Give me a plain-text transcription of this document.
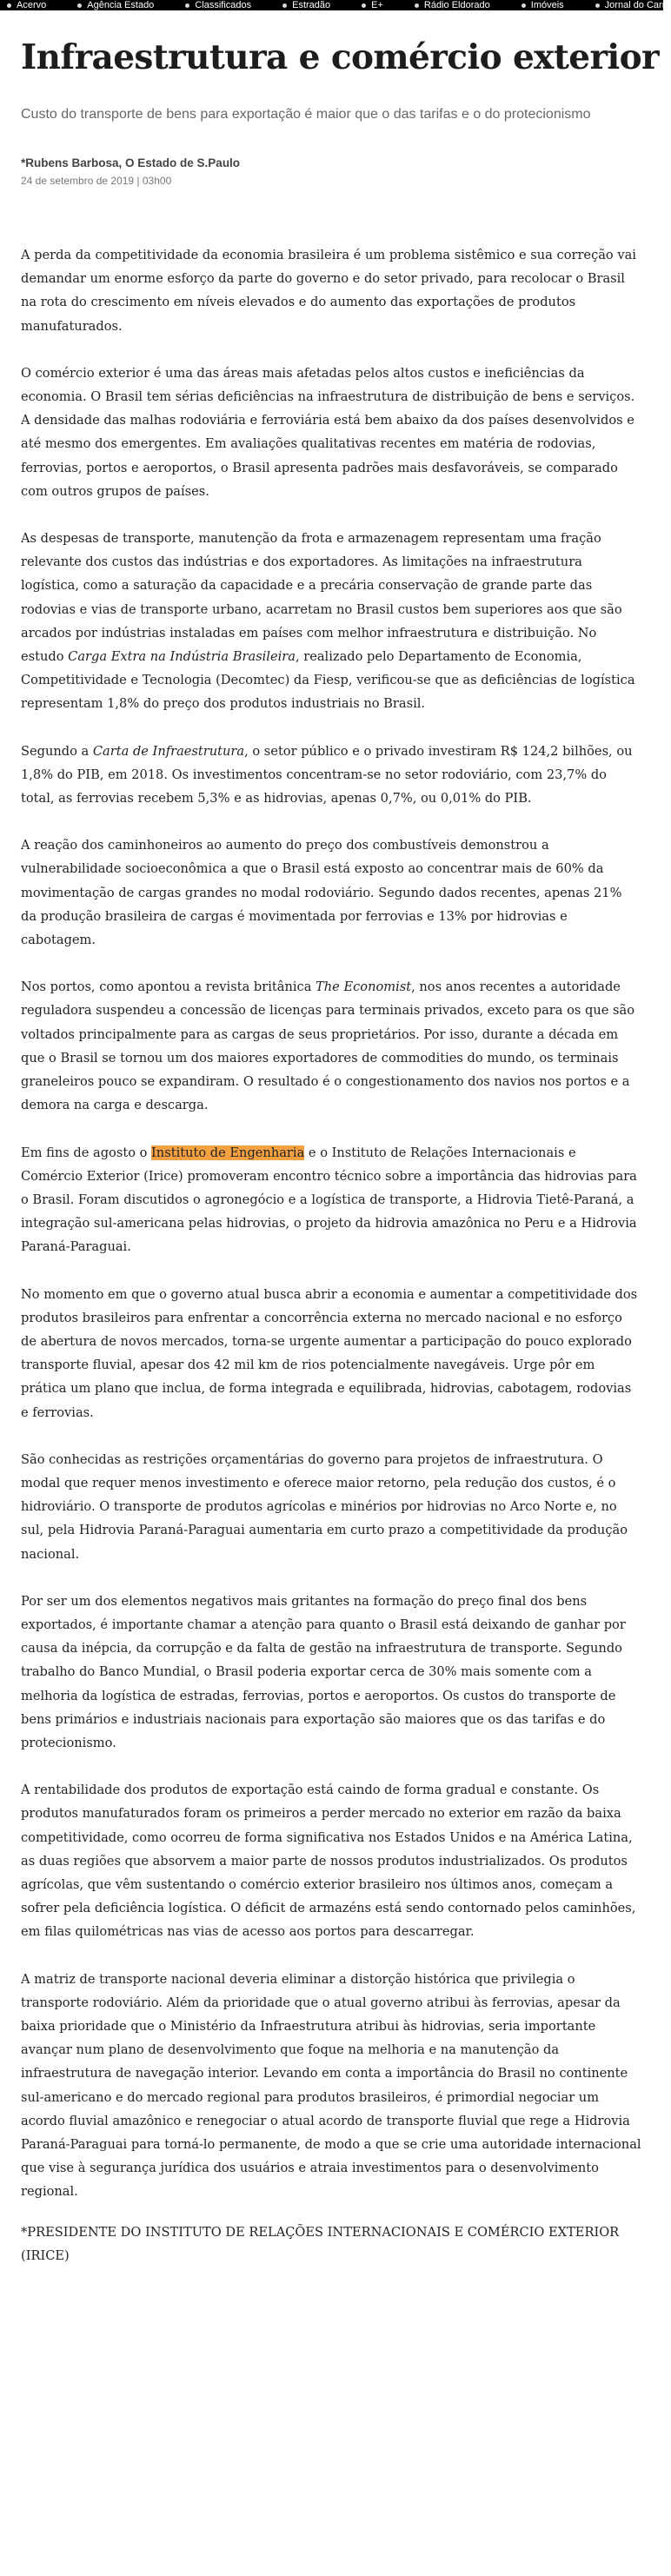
Acervo	Agência Estado	Classificados	Estradão	E+	Rádio Eldorado	Imóveis	Jornal do Carro
Infraestrutura e comércio exterior
Custo do transporte de bens para exportação é maior que o das tarifas e o do protecionismo
*Rubens Barbosa, O Estado de S.Paulo
24 de setembro de 2019 | 03h00

A perda da competitividade da economia brasileira é um problema sistêmico e sua correção vai demandar um enorme esforço da parte do governo e do setor privado, para recolocar o Brasil na rota do crescimento em níveis elevados e do aumento das exportações de produtos manufaturados.

O comércio exterior é uma das áreas mais afetadas pelos altos custos e ineficiências da economia. O Brasil tem sérias deficiências na infraestrutura de distribuição de bens e serviços. A densidade das malhas rodoviária e ferroviária está bem abaixo da dos países desenvolvidos e até mesmo dos emergentes. Em avaliações qualitativas recentes em matéria de rodovias, ferrovias, portos e aeroportos, o Brasil apresenta padrões mais desfavoráveis, se comparado com outros grupos de países.

As despesas de transporte, manutenção da frota e armazenagem representam uma fração relevante dos custos das indústrias e dos exportadores. As limitações na infraestrutura logística, como a saturação da capacidade e a precária conservação de grande parte das rodovias e vias de transporte urbano, acarretam no Brasil custos bem superiores aos que são arcados por indústrias instaladas em países com melhor infraestrutura e distribuição. No estudo Carga Extra na Indústria Brasileira, realizado pelo Departamento de Economia, Competitividade e Tecnologia (Decomtec) da Fiesp, verificou-se que as deficiências de logística representam 1,8% do preço dos produtos industriais no Brasil.

Segundo a Carta de Infraestrutura, o setor público e o privado investiram R$ 124,2 bilhões, ou 1,8% do PIB, em 2018. Os investimentos concentram-se no setor rodoviário, com 23,7% do total, as ferrovias recebem 5,3% e as hidrovias, apenas 0,7%, ou 0,01% do PIB.

A reação dos caminhoneiros ao aumento do preço dos combustíveis demonstrou a vulnerabilidade socioeconômica a que o Brasil está exposto ao concentrar mais de 60% da movimentação de cargas grandes no modal rodoviário. Segundo dados recentes, apenas 21% da produção brasileira de cargas é movimentada por ferrovias e 13% por hidrovias e cabotagem.

Nos portos, como apontou a revista britânica The Economist, nos anos recentes a autoridade reguladora suspendeu a concessão de licenças para terminais privados, exceto para os que são voltados principalmente para as cargas de seus proprietários. Por isso, durante a década em que o Brasil se tornou um dos maiores exportadores de commodities do mundo, os terminais graneleiros pouco se expandiram. O resultado é o congestionamento dos navios nos portos e a demora na carga e descarga.

Em fins de agosto o Instituto de Engenharia e o Instituto de Relações Internacionais e Comércio Exterior (Irice) promoveram encontro técnico sobre a importância das hidrovias para o Brasil. Foram discutidos o agronegócio e a logística de transporte, a Hidrovia Tietê-Paraná, a integração sul-americana pelas hidrovias, o projeto da hidrovia amazônica no Peru e a Hidrovia Paraná-Paraguai.

No momento em que o governo atual busca abrir a economia e aumentar a competitividade dos produtos brasileiros para enfrentar a concorrência externa no mercado nacional e no esforço de abertura de novos mercados, torna-se urgente aumentar a participação do pouco explorado transporte fluvial, apesar dos 42 mil km de rios potencialmente navegáveis. Urge pôr em prática um plano que inclua, de forma integrada e equilibrada, hidrovias, cabotagem, rodovias e ferrovias.

São conhecidas as restrições orçamentárias do governo para projetos de infraestrutura. O modal que requer menos investimento e oferece maior retorno, pela redução dos custos, é o hidroviário. O transporte de produtos agrícolas e minérios por hidrovias no Arco Norte e, no sul, pela Hidrovia Paraná-Paraguai aumentaria em curto prazo a competitividade da produção nacional.

Por ser um dos elementos negativos mais gritantes na formação do preço final dos bens exportados, é importante chamar a atenção para quanto o Brasil está deixando de ganhar por causa da inépcia, da corrupção e da falta de gestão na infraestrutura de transporte. Segundo trabalho do Banco Mundial, o Brasil poderia exportar cerca de 30% mais somente com a melhoria da logística de estradas, ferrovias, portos e aeroportos. Os custos do transporte de bens primários e industriais nacionais para exportação são maiores que os das tarifas e do protecionismo.

A rentabilidade dos produtos de exportação está caindo de forma gradual e constante. Os produtos manufaturados foram os primeiros a perder mercado no exterior em razão da baixa competitividade, como ocorreu de forma significativa nos Estados Unidos e na América Latina, as duas regiões que absorvem a maior parte de nossos produtos industrializados. Os produtos agrícolas, que vêm sustentando o comércio exterior brasileiro nos últimos anos, começam a sofrer pela deficiência logística. O déficit de armazéns está sendo contornado pelos caminhões, em filas quilométricas nas vias de acesso aos portos para descarregar.

A matriz de transporte nacional deveria eliminar a distorção histórica que privilegia o transporte rodoviário. Além da prioridade que o atual governo atribui às ferrovias, apesar da baixa prioridade que o Ministério da Infraestrutura atribui às hidrovias, seria importante avançar num plano de desenvolvimento que foque na melhoria e na manutenção da infraestrutura de navegação interior. Levando em conta a importância do Brasil no continente sul-americano e do mercado regional para produtos brasileiros, é primordial negociar um acordo fluvial amazônico e renegociar o atual acordo de transporte fluvial que rege a Hidrovia Paraná-Paraguai para torná-lo permanente, de modo a que se crie uma autoridade internacional que vise à segurança jurídica dos usuários e atraia investimentos para o desenvolvimento regional.

*PRESIDENTE DO INSTITUTO DE RELAÇÕES INTERNACIONAIS E COMÉRCIO EXTERIOR (IRICE)
